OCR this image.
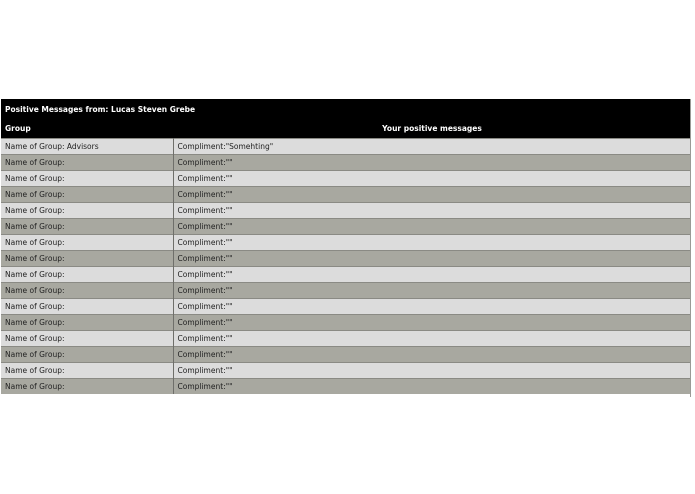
Positive Messages from: Lucas Steven Grebe	
Group	Your positive messages
Name of Group: Advisors	Compliment:"Somehting"
Name of Group:	Compliment:""
Name of Group:	Compliment:""
Name of Group:	Compliment:""
Name of Group:	Compliment:""
Name of Group:	Compliment:""
Name of Group:	Compliment:""
Name of Group:	Compliment:""
Name of Group:	Compliment:""
Name of Group:	Compliment:""
Name of Group:	Compliment:""
Name of Group:	Compliment:""
Name of Group:	Compliment:""
Name of Group:	Compliment:""
Name of Group:	Compliment:""
Name of Group:	Compliment:""
